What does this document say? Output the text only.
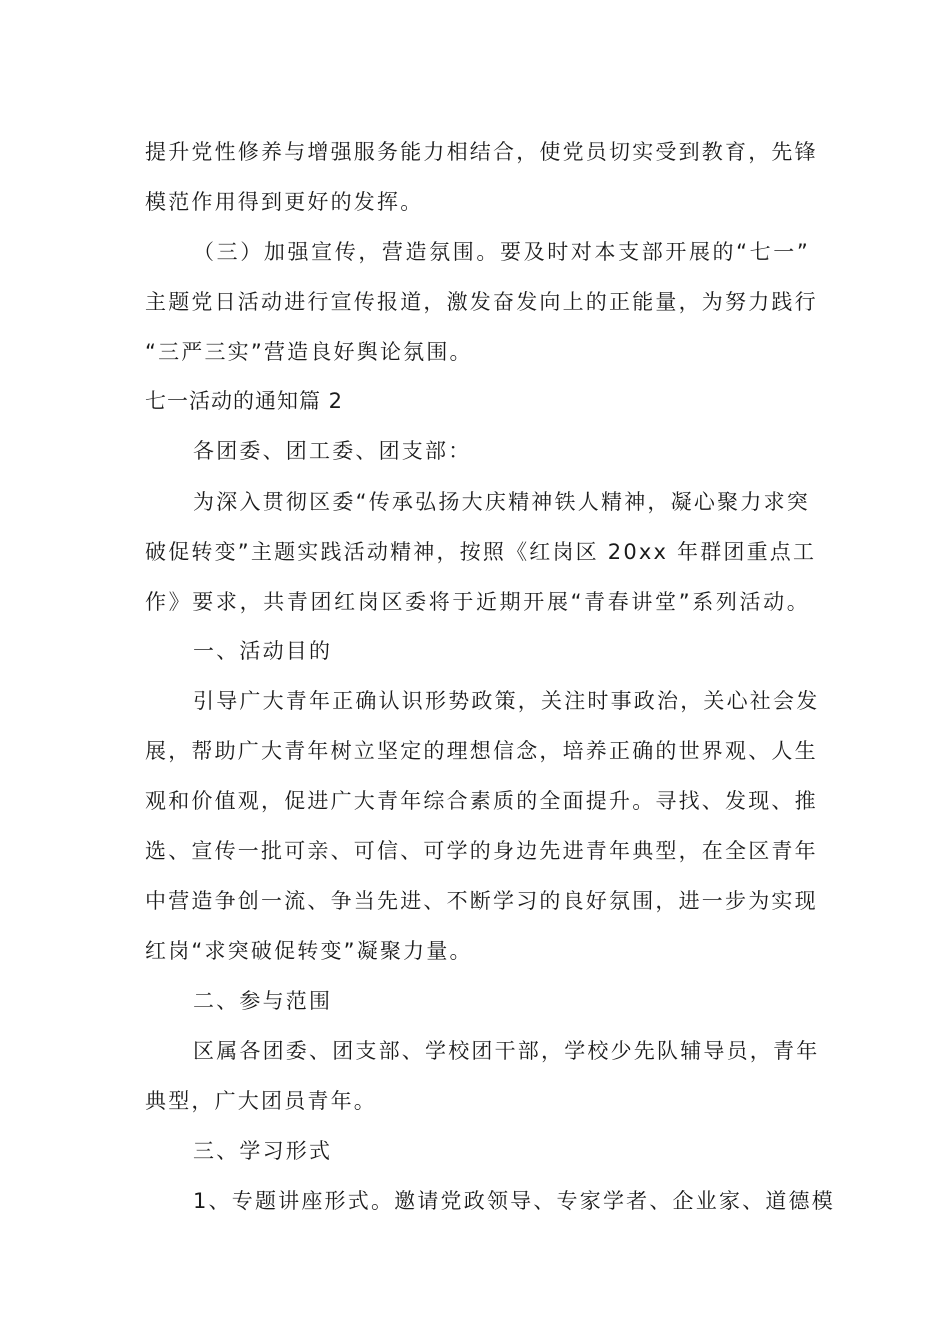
提升党性修养与增强服务能力相结合，使党员切实受到教育，先锋
模范作用得到更好的发挥。
（三）加强宣传，营造氛围。要及时对本支部开展的“七一”
主题党日活动进行宣传报道，激发奋发向上的正能量，为努力践行
“三严三实”营造良好舆论氛围。
七一活动的通知篇 2
各团委、团工委、团支部：
为深入贯彻区委“传承弘扬大庆精神铁人精神，凝心聚力求突
破促转变”主题实践活动精神，按照《红岗区 20xx 年群团重点工
作》要求，共青团红岗区委将于近期开展“青春讲堂”系列活动。
一、活动目的
引导广大青年正确认识形势政策，关注时事政治，关心社会发
展，帮助广大青年树立坚定的理想信念，培养正确的世界观、人生
观和价值观，促进广大青年综合素质的全面提升。寻找、发现、推
选、宣传一批可亲、可信、可学的身边先进青年典型，在全区青年
中营造争创一流、争当先进、不断学习的良好氛围，进一步为实现
红岗“求突破促转变”凝聚力量。
二、参与范围
区属各团委、团支部、学校团干部，学校少先队辅导员，青年
典型，广大团员青年。
三、学习形式
1、专题讲座形式。邀请党政领导、专家学者、企业家、道德模
